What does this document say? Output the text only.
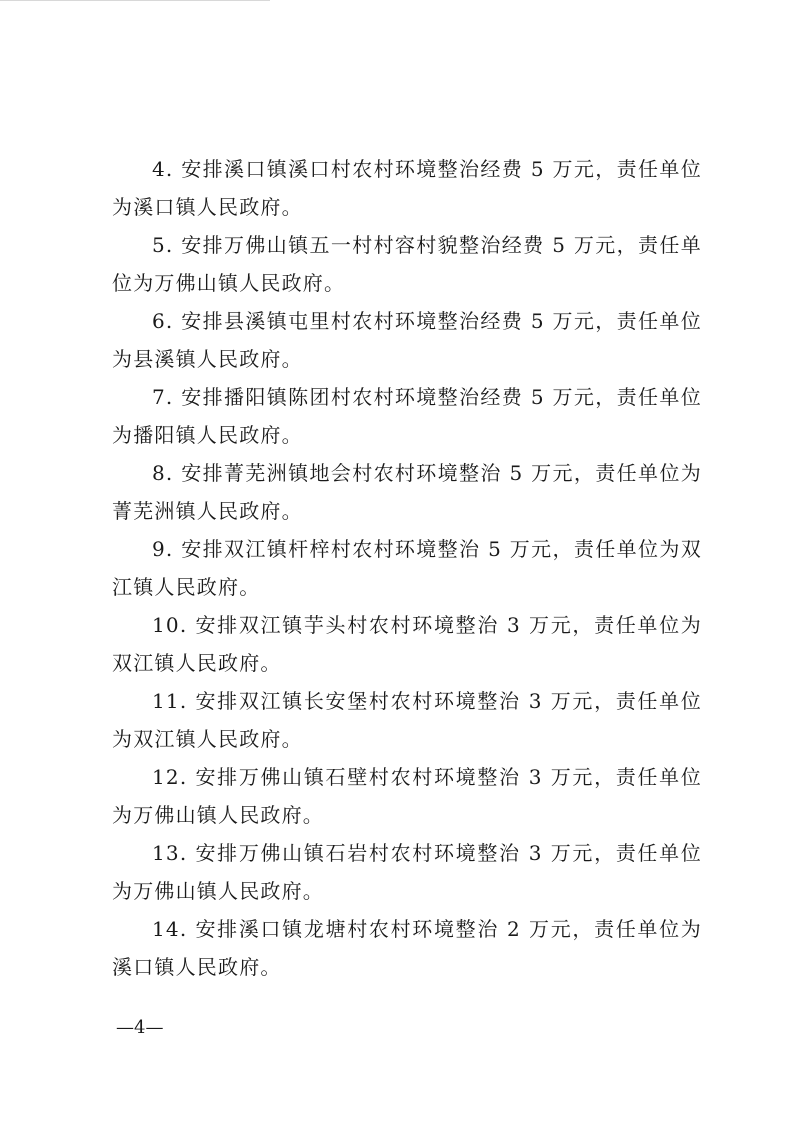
4. 安排溪口镇溪口村农村环境整治经费 5 万元，责任单位为溪口镇人民政府。

5. 安排万佛山镇五一村村容村貌整治经费 5 万元，责任单位为万佛山镇人民政府。

6. 安排县溪镇屯里村农村环境整治经费 5 万元，责任单位为县溪镇人民政府。

7. 安排播阳镇陈团村农村环境整治经费 5 万元，责任单位为播阳镇人民政府。

8. 安排菁芜洲镇地会村农村环境整治 5 万元，责任单位为菁芜洲镇人民政府。

9. 安排双江镇杆梓村农村环境整治 5 万元，责任单位为双江镇人民政府。

10. 安排双江镇芋头村农村环境整治 3 万元，责任单位为双江镇人民政府。

11. 安排双江镇长安堡村农村环境整治 3 万元，责任单位为双江镇人民政府。

12. 安排万佛山镇石壁村农村环境整治 3 万元，责任单位为万佛山镇人民政府。

13. 安排万佛山镇石岩村农村环境整治 3 万元，责任单位为万佛山镇人民政府。

14. 安排溪口镇龙塘村农村环境整治 2 万元，责任单位为溪口镇人民政府。

—4—
